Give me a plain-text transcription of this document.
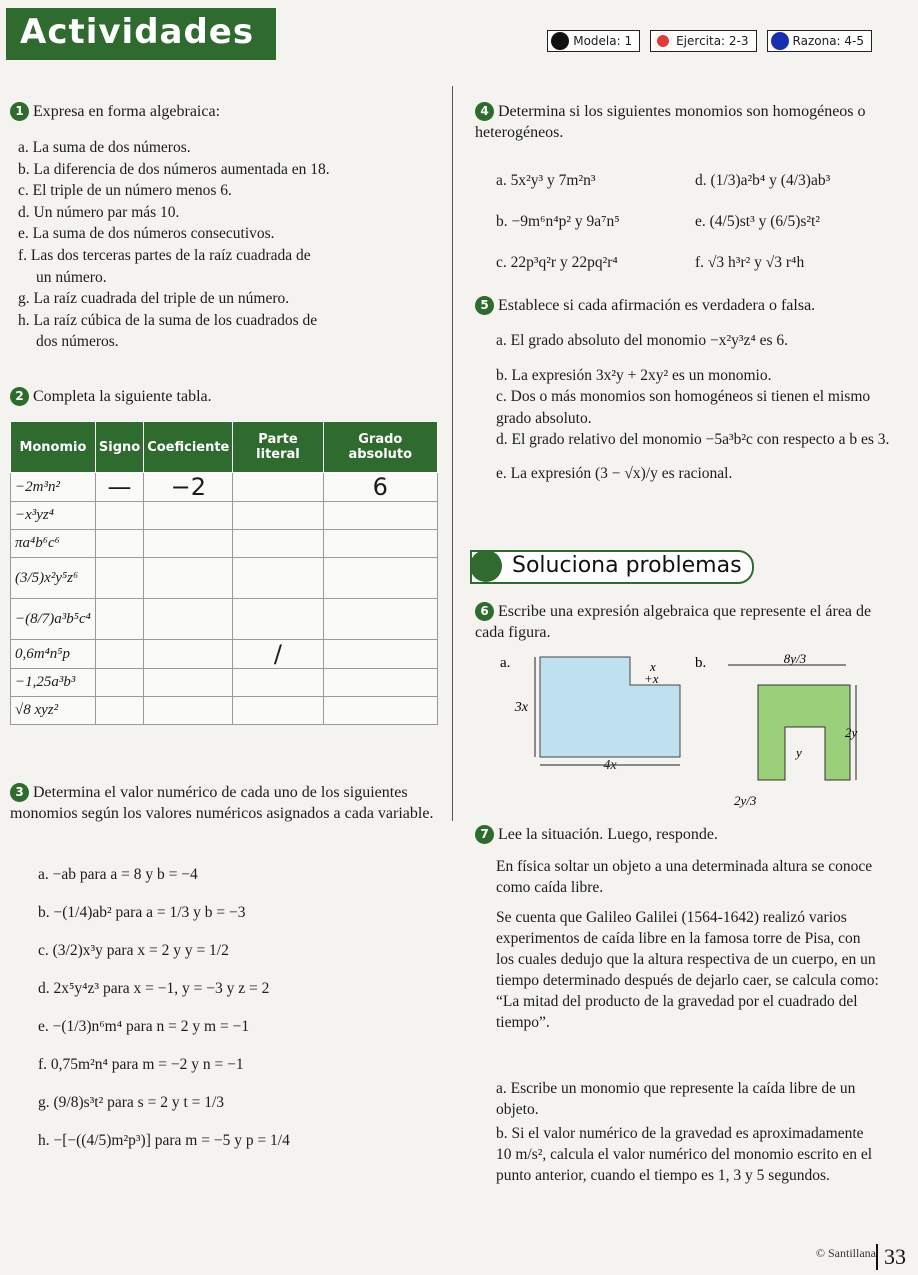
Actividades	Modela: 1	Ejercita: 2-3	Razona: 4-5
1 Expresa en forma algebraica:
a. La suma de dos números.
b. La diferencia de dos números aumentada en 18.
c. El triple de un número menos 6.
d. Un número par más 10.
e. La suma de dos números consecutivos.
f. Las dos terceras partes de la raíz cuadrada de
un número.
g. La raíz cuadrada del triple de un número.
h. La raíz cúbica de la suma de los cuadrados de
dos números.
2 Completa la siguiente tabla.
Monomio	Signo	Coeficiente	Parte literal	Grado absoluto
−2m³n²	—	−2		6
−x³yz⁴				
πa⁴b⁶c⁶				
(3/5)x²y⁵z⁶				
−(8/7)a³b⁵c⁴				
0,6m⁴n⁵p			/	
−1,25a³b³				
√8 xyz²				
3 Determina el valor numérico de cada uno de los siguientes monomios según los valores numéricos asignados a cada variable.
a. −ab para a = 8 y b = −4
b. −(1/4)ab² para a = 1/3 y b = −3
c. (3/2)x³y para x = 2 y y = 1/2
d. 2x⁵y⁴z³ para x = −1, y = −3 y z = 2
e. −(1/3)n⁶m⁴ para n = 2 y m = −1
f. 0,75m²n⁴ para m = −2 y n = −1
g. (9/8)s³t² para s = 2 y t = 1/3
h. −[−((4/5)m²p³)] para m = −5 y p = 1/4
4 Determina si los siguientes monomios son homogéneos o heterogéneos.
a. 5x²y³ y 7m²n³
b. −9m⁶n⁴p² y 9a⁷n⁵
c. 22p³q²r y 22pq²r⁴
d. (1/3)a²b⁴ y (4/3)ab³
e. (4/5)st³ y (6/5)s²t²
f. √3 h³r² y √3 r⁴h
5 Establece si cada afirmación es verdadera o falsa.
a. El grado absoluto del monomio −x²y³z⁴ es 6.
b. La expresión 3x²y + 2xy² es un monomio.
c. Dos o más monomios son homogéneos si tienen el mismo grado absoluto.
d. El grado relativo del monomio −5a³b²c con respecto a b es 3.
e. La expresión (3 − √x)/y es racional.
Soluciona problemas
6 Escribe una expresión algebraica que represente el área de cada figura.
a.
3x
4x
x
+x
b.	8y/3
2y
y
2y/3
7 Lee la situación. Luego, responde.
En física soltar un objeto a una determinada altura se conoce como caída libre.
Se cuenta que Galileo Galilei (1564-1642) realizó varios experimentos de caída libre en la famosa torre de Pisa, con los cuales dedujo que la altura respectiva de un cuerpo, en un tiempo determinado después de dejarlo caer, se calcula como: “La mitad del producto de la gravedad por el cuadrado del tiempo”.
a. Escribe un monomio que represente la caída libre de un objeto.
b. Si el valor numérico de la gravedad es aproximadamente 10 m/s², calcula el valor numérico del monomio escrito en el punto anterior, cuando el tiempo es 1, 3 y 5 segundos.
© Santillana 33
